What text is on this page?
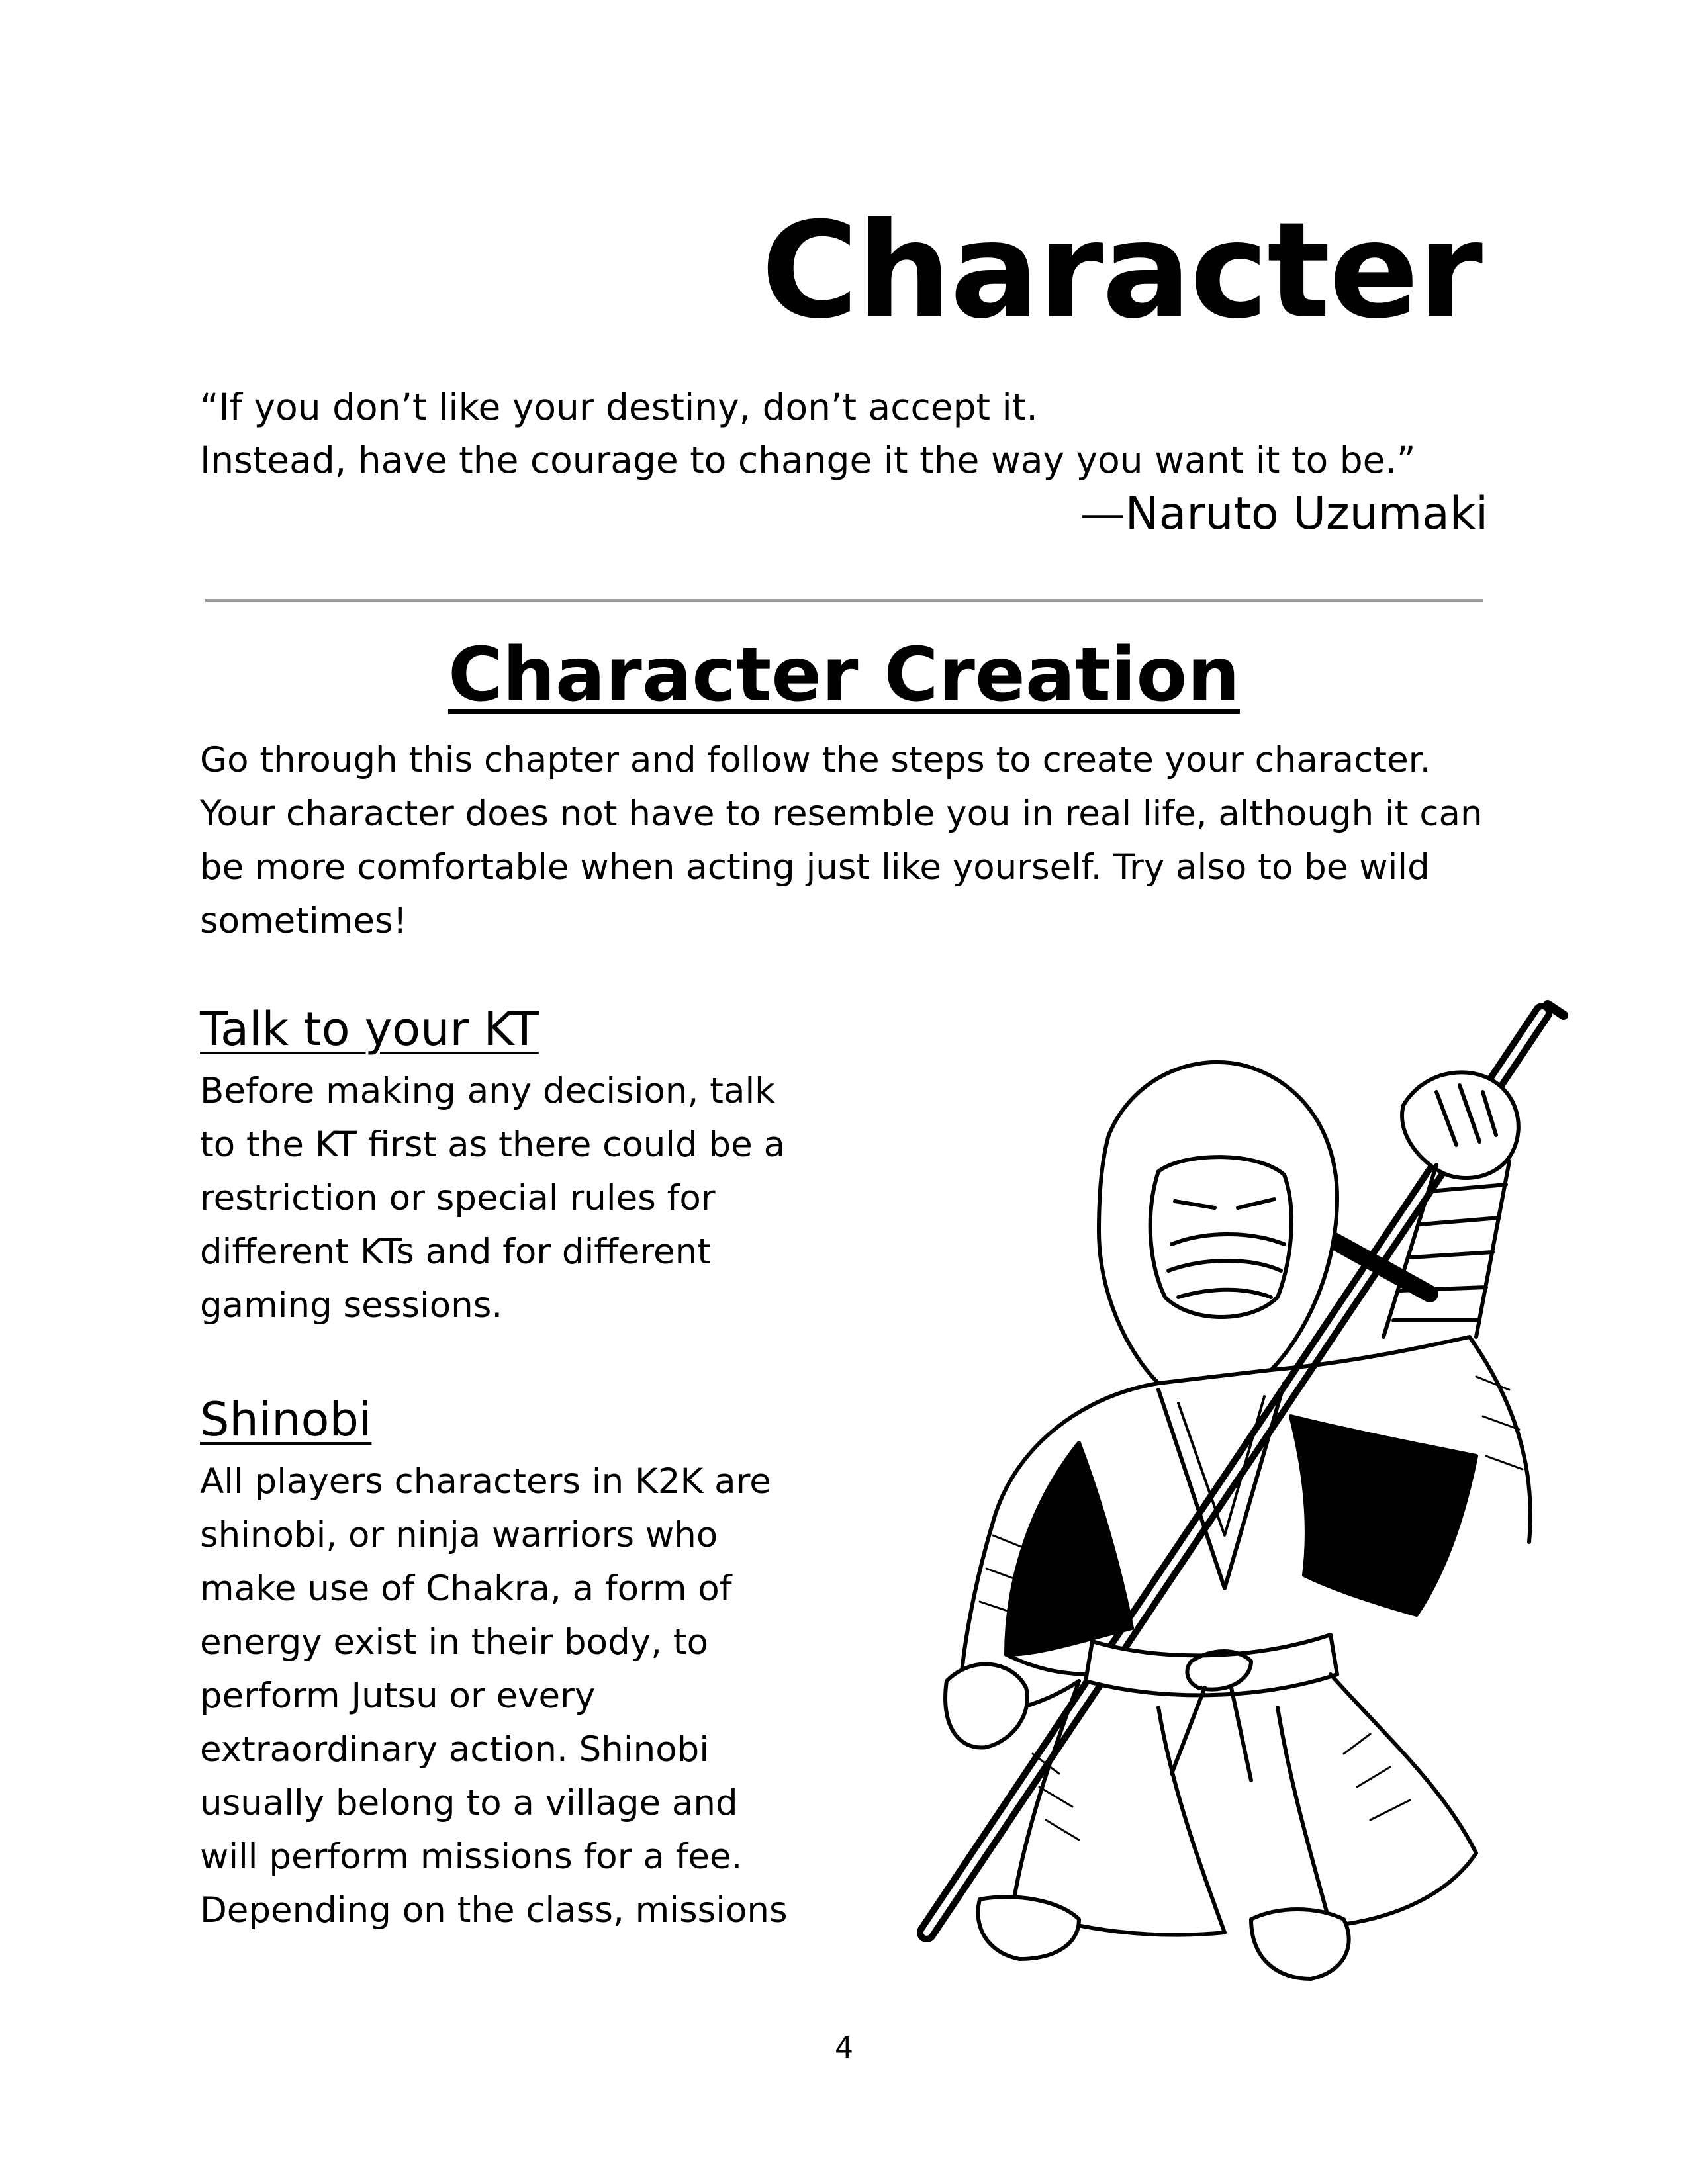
Character

“If you don’t like your destiny, don’t accept it.

Instead, have the courage to change it the way you want it to be.”

—Naruto Uzumaki
Character Creation

Go through this chapter and follow the steps to create your character. Your character does not have to resemble you in real life, although it can be more comfortable when acting just like yourself. Try also to be wild sometimes!

Talk to your KT

Before making any decision, talk to the KT first as there could be a restriction or special rules for different KTs and for different gaming sessions.

Shinobi

All players characters in K2K are shinobi, or ninja warriors who make use of Chakra, a form of energy exist in their body, to perform Jutsu or every extraordinary action. Shinobi usually belong to a village and will perform missions for a fee. Depending on the class, missions

4
